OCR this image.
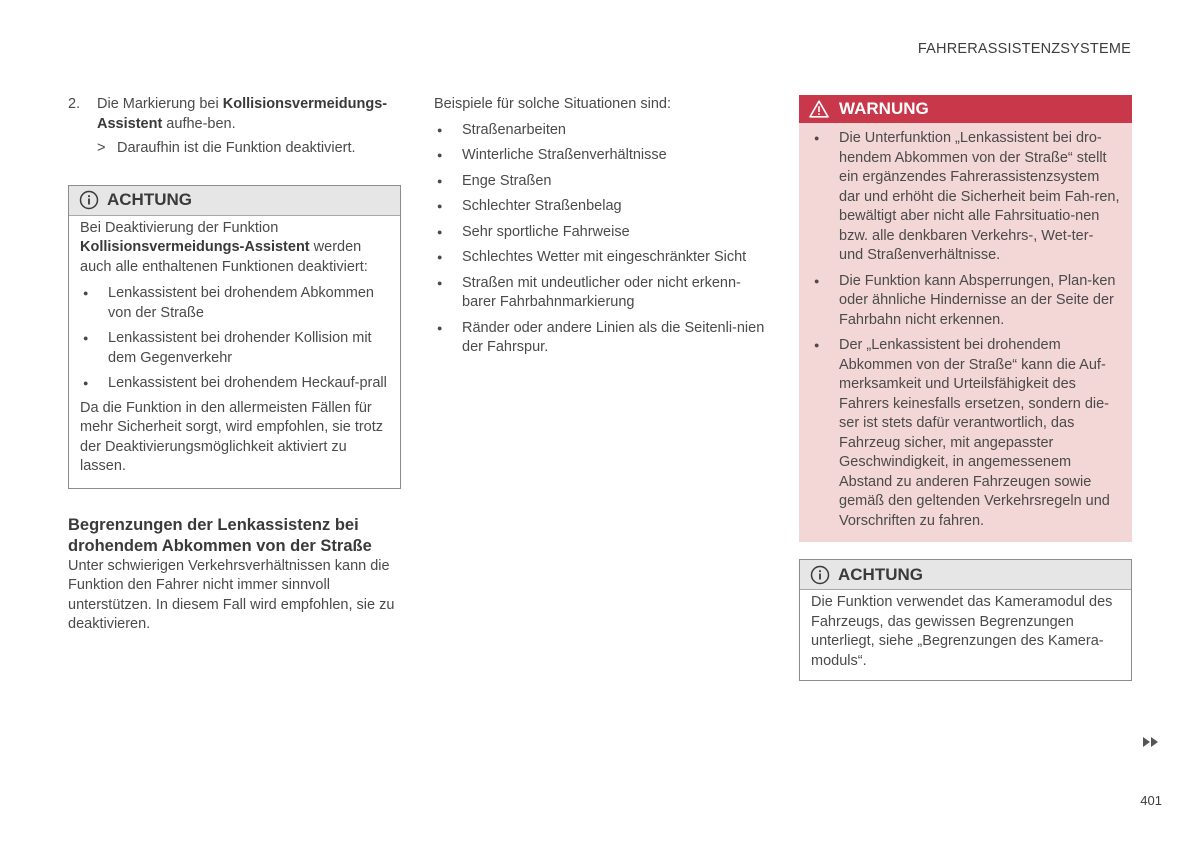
FAHRERASSISTENZSYSTEME
2.	Die Markierung bei Kollisionsvermeidungs-Assistent aufhe-ben.
> Daraufhin ist die Funktion deaktiviert.
ACHTUNG

Bei Deaktivierung der Funktion Kollisionsvermeidungs-Assistent werden auch alle enthaltenen Funktionen deaktiviert:

● Lenkassistent bei drohendem Abkommen von der Straße
● Lenkassistent bei drohender Kollision mit dem Gegenverkehr
● Lenkassistent bei drohendem Heckauf-prall

Da die Funktion in den allermeisten Fällen für mehr Sicherheit sorgt, wird empfohlen, sie trotz der Deaktivierungsmöglichkeit aktiviert zu lassen.

Begrenzungen der Lenkassistenz bei drohendem Abkommen von der Straße

Unter schwierigen Verkehrsverhältnissen kann die Funktion den Fahrer nicht immer sinnvoll unterstützen. In diesem Fall wird empfohlen, sie zu deaktivieren.

Beispiele für solche Situationen sind:

● Straßenarbeiten
● Winterliche Straßenverhältnisse
● Enge Straßen
● Schlechter Straßenbelag
● Sehr sportliche Fahrweise
● Schlechtes Wetter mit eingeschränkter Sicht
● Straßen mit undeutlicher oder nicht erkenn-barer Fahrbahnmarkierung
● Ränder oder andere Linien als die Seitenli-nien der Fahrspur.
WARNUNG
● Die Unterfunktion „Lenkassistent bei dro-hendem Abkommen von der Straße“ stellt ein ergänzendes Fahrerassistenzsystem dar und erhöht die Sicherheit beim Fah-ren, bewältigt aber nicht alle Fahrsituatio-nen bzw. alle denkbaren Verkehrs-, Wet-ter- und Straßenverhältnisse.
● Die Funktion kann Absperrungen, Plan-ken oder ähnliche Hindernisse an der Seite der Fahrbahn nicht erkennen.
● Der „Lenkassistent bei drohendem Abkommen von der Straße“ kann die Auf-merksamkeit und Urteilsfähigkeit des Fahrers keinesfalls ersetzen, sondern die-ser ist stets dafür verantwortlich, das Fahrzeug sicher, mit angepasster Geschwindigkeit, in angemessenem Abstand zu anderen Fahrzeugen sowie gemäß den geltenden Verkehrsregeln und Vorschriften zu fahren.
ACHTUNG

Die Funktion verwendet das Kameramodul des Fahrzeugs, das gewissen Begrenzungen unterliegt, siehe „Begrenzungen des Kamera-moduls“.

401
